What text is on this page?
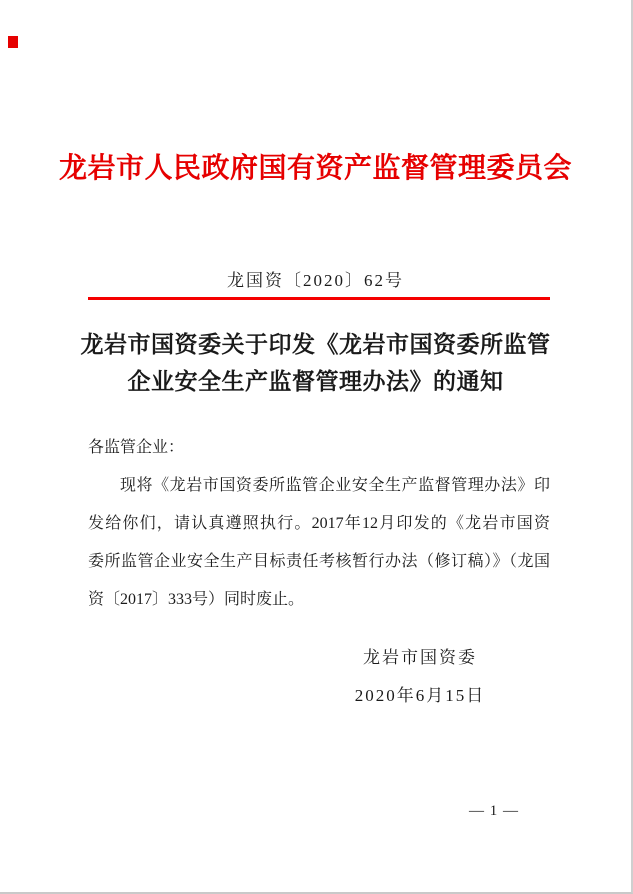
龙岩市人民政府国有资产监督管理委员会
龙国资〔2020〕62号
龙岩市国资委关于印发《龙岩市国资委所监管
企业安全生产监督管理办法》的通知

各监管企业：

现将《龙岩市国资委所监管企业安全生产监督管理办法》印

发给你们，请认真遵照执行。2017年12月印发的《龙岩市国资

委所监管企业安全生产目标责任考核暂行办法（修订稿）》（龙国

资〔2017〕333号）同时废止。

龙岩市国资委
2020年6月15日
— 1 —
